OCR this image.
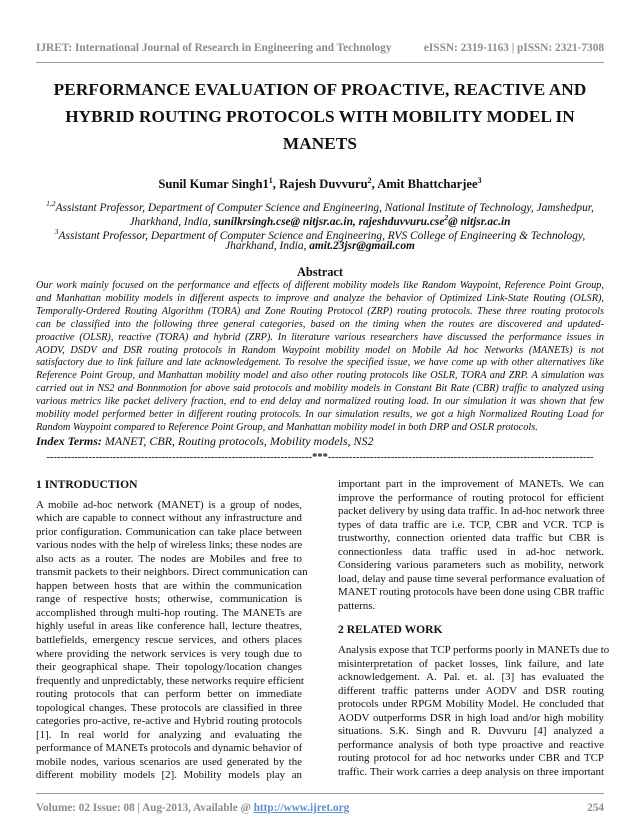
IJRET: International Journal of Research in Engineering and Technology	eISSN: 2319-1163 | pISSN: 2321-7308
PERFORMANCE EVALUATION OF PROACTIVE, REACTIVE AND
HYBRID ROUTING PROTOCOLS WITH MOBILITY MODEL IN
MANETS
Sunil Kumar $Singh1^1$, Rajesh Duvvuru$^2$, Amit Bhattcharjee$^3$
$^{1,2}$Assistant Professor, Department of Computer Science and Engineering, National Institute of Technology, Jamshedpur,
Jharkhand, India, sunilkrsingh.cse@ nitjsr.ac.in, rajeshduvvuru.cse$^2$@ nitjsr.ac.in
$^3$Assistant Professor, Department of Computer Science and Engineering, RVS College of Engineering & Technology,
Jharkhand, India, amit.23jsr@gmail.com
Abstract
Our work mainly focused on the performance and effects of different mobility models like Random Waypoint, Reference Point Group,
and Manhattan mobility models in different aspects to improve and analyze the behavior of Optimized Link-State Routing (OLSR),
Temporally-Ordered Routing Algorithm (TORA) and Zone Routing Protocol (ZRP) routing protocols. These three routing protocols
can be classified into the following three general categories, based on the timing when the routes are discovered and updated-
proactive (OLSR), reactive (TORA) and hybrid (ZRP). In literature various researchers have discussed the performance issues in
AODV, DSDV and DSR routing protocols in Random Waypoint mobility model on Mobile Ad hoc Networks (MANETs) is not
satisfactory due to link failure and late acknowledgement. To resolve the specified issue, we have come up with other alternatives like
Reference Point Group, and Manhattan mobility model and also other routing protocols like OSLR, TORA and ZRP. A simulation was
carried out in NS2 and Bonnmotion for above said protocols and mobility models in Constant Bit Rate (CBR) traffic to analyzed using
various metrics like packet delivery fraction, end to end delay and normalized routing load. In our simulation it was shown that few
mobility model performed better in different routing protocols. In our simulation results, we got a high Normalized Routing Load for
Random Waypoint compared to Reference Point Group, and Manhattan mobility model in both DRP and OSLR protocols.
Index Terms: MANET, CBR, Routing protocols, Mobility models, NS2
----------------------------------------------------------------------------***----------------------------------------------------------------------------
1 INTRODUCTION
A mobile ad-hoc network (MANET) is a group of nodes,
which are capable to connect without any infrastructure and
prior configuration. Communication can take place between
various nodes with the help of wireless links; these nodes are
also acts as a router. The nodes are Mobiles and free to
transmit packets to their neighbors. Direct communication can
happen between hosts that are within the communication
range of respective hosts; otherwise, communication is
accomplished through multi-hop routing. The MANETs are
highly useful in areas like conference hall, lecture theatres,
battlefields, emergency rescue services, and others places
where providing the network services is very tough due to
their geographical shape. Their topology/location changes
frequently and unpredictably, these networks require efficient
routing protocols that can perform better on immediate
topological changes. These protocols are classified in three
categories pro-active, re-active and Hybrid routing protocols
[1]. In real world for analyzing and evaluating the
performance of MANETs protocols and dynamic behavior of
mobile nodes, various scenarios are used generated by the
different mobility models [2]. Mobility models play an
important part in the improvement of MANETs. We can
improve the performance of routing protocol for efficient
packet delivery by using data traffic. In ad-hoc network three
types of data traffic are i.e. TCP, CBR and VCR. TCP is
trustworthy, connection oriented data traffic but CBR is
connectionless data traffic used in ad-hoc network.
Considering various parameters such as mobility, network
load, delay and pause time several performance evaluation of
MANET routing protocols have been done using CBR traffic
patterns.
2 RELATED WORK
Analysis expose that TCP performs poorly in MANETs due to
misinterpretation of packet losses, link failure, and late
acknowledgement. A. Pal. et. al. [3] has evaluated the
different traffic patterns under AODV and DSR routing
protocols under RPGM Mobility Model. He concluded that
AODV outperforms DSR in high load and/or high mobility
situations. S.K. Singh and R. Duvvuru [4] analyzed a
performance analysis of both type proactive and reactive
routing protocol for ad hoc networks under CBR and TCP
traffic. Their work carries a deep analysis on three important
Volume: 02 Issue: 08 | Aug-2013, Available @ http://www.ijret.org	254
